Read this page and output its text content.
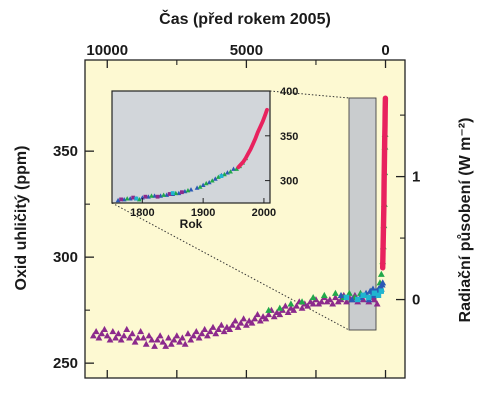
1800	1900	2000
300
350
400
Rok
10000	5000	0
250
300
350
0
1
Čas (před rokem 2005)
Oxid uhličitý (ppm)	Radiační působení (W m⁻²)
